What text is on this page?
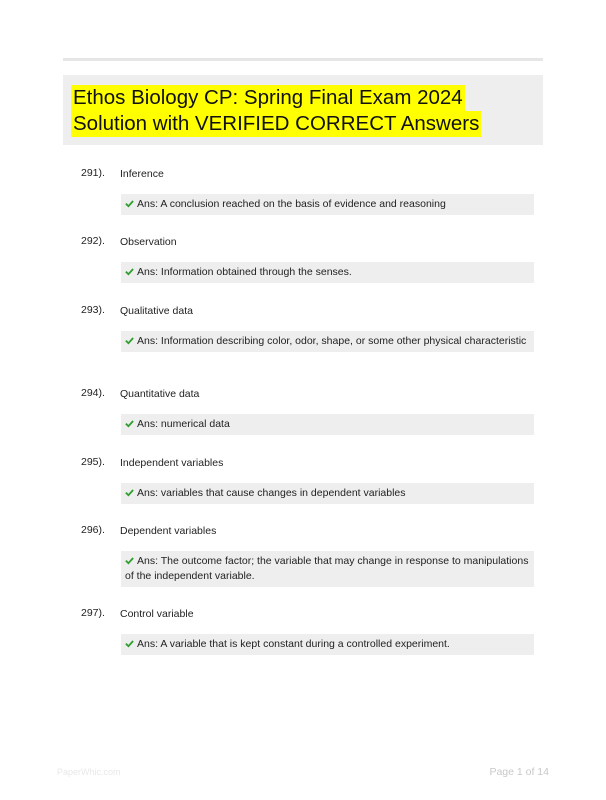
Ethos Biology CP: Spring Final Exam 2024
Solution with VERIFIED CORRECT Answers
291). Inference
Ans: A conclusion reached on the basis of evidence and reasoning
292). Observation
Ans: Information obtained through the senses.
293). Qualitative data
Ans: Information describing color, odor, shape, or some other physical characteristic
294). Quantitative data
Ans: numerical data
295). Independent variables
Ans: variables that cause changes in dependent variables
296). Dependent variables
Ans: The outcome factor; the variable that may change in response to manipulations of the independent variable.
297). Control variable
Ans: A variable that is kept constant during a controlled experiment.
PaperWhic.com	Page 1 of 14
